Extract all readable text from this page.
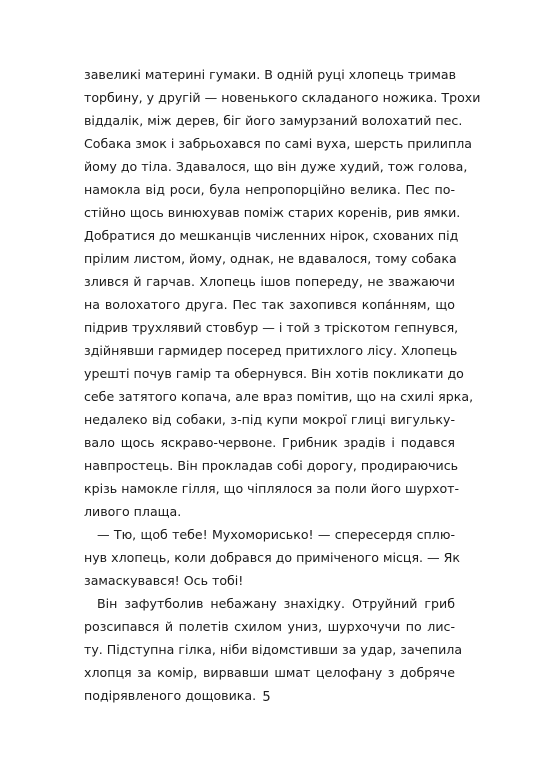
завеликі материні гумаки. В одній руці хлопець тримав
торбину, у другій — новенького складаного ножика. Трохи
віддалік, між дерев, біг його замурзаний волохатий пес.
Собака змок і забрьохався по самі вуха, шерсть прилипла
йому до тіла. Здавалося, що він дуже худий, тож голова,
намокла від роси, була непропорційно велика. Пес по-
стійно щось винюхував поміж старих коренів, рив ямки.
Добратися до мешканців численних нірок, схованих під
прілим листом, йому, однак, не вдавалося, тому собака
злився й гарчав. Хлопець ішов попереду, не зважаючи
на волохатого друга. Пес так захопився копа́нням, що
підрив трухлявий стовбур — і той з тріскотом гепнувся,
здійнявши гармидер посеред притихлого лісу. Хлопець
урешті почув гамір та обернувся. Він хотів покликати до
себе затятого копача, але враз помітив, що на схилі ярка,
недалеко від собаки, з-під купи мокрої глиці вигульку-
вало щось яскраво-червоне. Грибник зрадів і подався
навпростець. Він прокладав собі дорогу, продираючись
крізь намокле гілля, що чіплялося за поли його шурхот-
ливого плаща.
— Тю, щоб тебе! Мухоморисько! — спересердя сплю-
нув хлопець, коли добрався до приміченого місця. — Як
замаскувався! Ось тобі!
Він зафутболив небажану знахідку. Отруйний гриб
розсипався й полетів схилом униз, шурхочучи по лис-
ту. Підступна гілка, ніби відомстивши за удар, зачепила
хлопця за комір, вирвавши шмат целофану з добряче
подірявленого дощовика. 5
